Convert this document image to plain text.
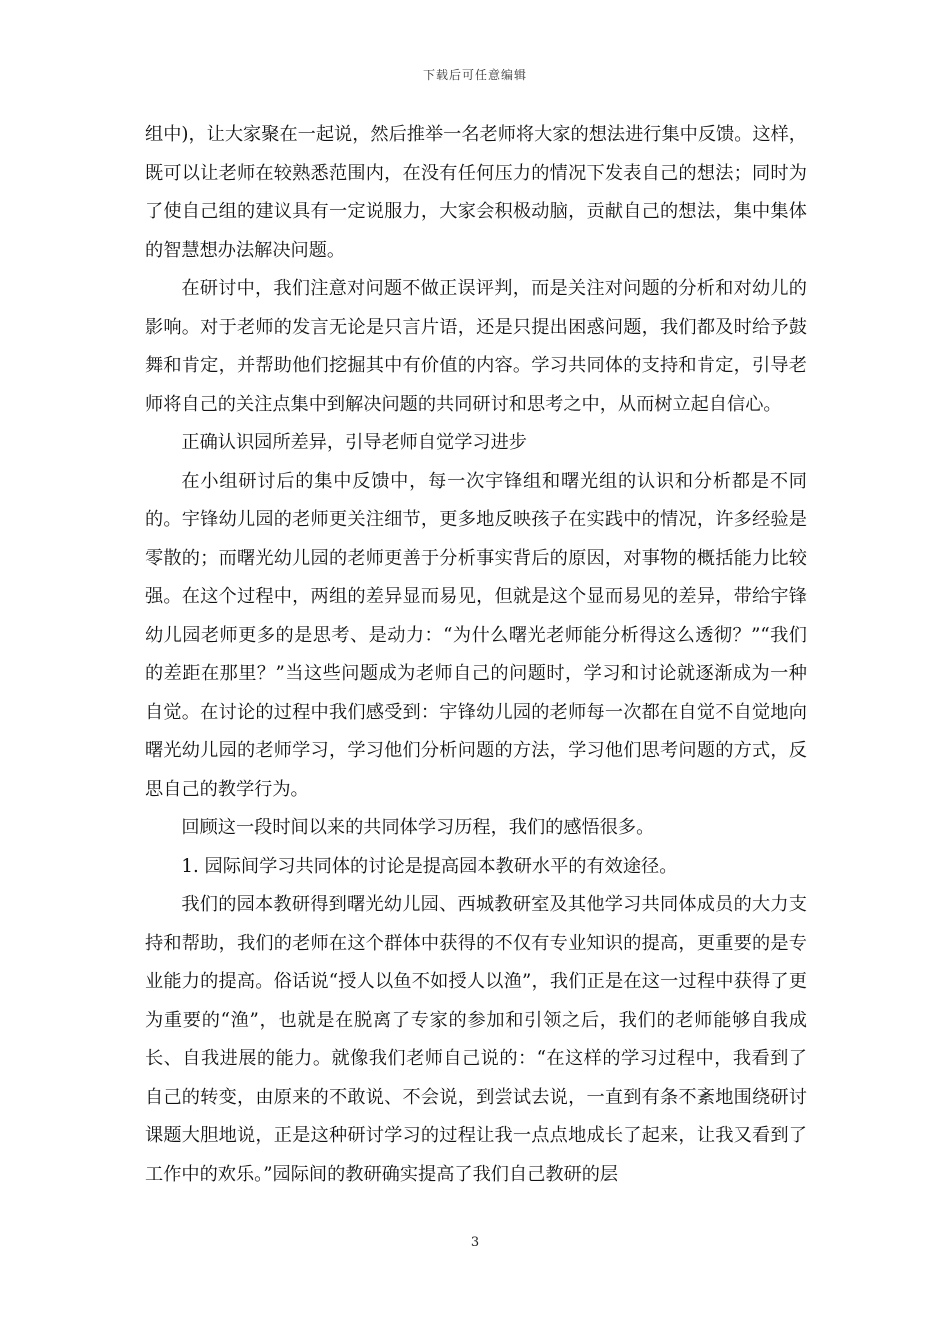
下载后可任意编辑

组中)，让大家聚在一起说，然后推举一名老师将大家的想法进行集中反馈。这样，既可以让老师在较熟悉范围内，在没有任何压力的情况下发表自己的想法；同时为了使自己组的建议具有一定说服力，大家会积极动脑，贡献自己的想法，集中集体的智慧想办法解决问题。

在研讨中，我们注意对问题不做正误评判，而是关注对问题的分析和对幼儿的影响。对于老师的发言无论是只言片语，还是只提出困惑问题，我们都及时给予鼓舞和肯定，并帮助他们挖掘其中有价值的内容。学习共同体的支持和肯定，引导老师将自己的关注点集中到解决问题的共同研讨和思考之中，从而树立起自信心。

正确认识园所差异，引导老师自觉学习进步

在小组研讨后的集中反馈中，每一次宇锋组和曙光组的认识和分析都是不同的。宇锋幼儿园的老师更关注细节，更多地反映孩子在实践中的情况，许多经验是零散的；而曙光幼儿园的老师更善于分析事实背后的原因，对事物的概括能力比较强。在这个过程中，两组的差异显而易见，但就是这个显而易见的差异，带给宇锋幼儿园老师更多的是思考、是动力：“为什么曙光老师能分析得这么透彻？”“我们的差距在那里？”当这些问题成为老师自己的问题时，学习和讨论就逐渐成为一种自觉。在讨论的过程中我们感受到：宇锋幼儿园的老师每一次都在自觉不自觉地向曙光幼儿园的老师学习，学习他们分析问题的方法，学习他们思考问题的方式，反思自己的教学行为。

回顾这一段时间以来的共同体学习历程，我们的感悟很多。

1. 园际间学习共同体的讨论是提高园本教研水平的有效途径。

我们的园本教研得到曙光幼儿园、西城教研室及其他学习共同体成员的大力支持和帮助，我们的老师在这个群体中获得的不仅有专业知识的提高，更重要的是专业能力的提高。俗话说“授人以鱼不如授人以渔”，我们正是在这一过程中获得了更为重要的“渔”，也就是在脱离了专家的参加和引领之后，我们的老师能够自我成长、自我进展的能力。就像我们老师自己说的：“在这样的学习过程中，我看到了自己的转变，由原来的不敢说、不会说，到尝试去说，一直到有条不紊地围绕研讨课题大胆地说，正是这种研讨学习的过程让我一点点地成长了起来，让我又看到了工作中的欢乐。”园际间的教研确实提高了我们自己教研的层

3
